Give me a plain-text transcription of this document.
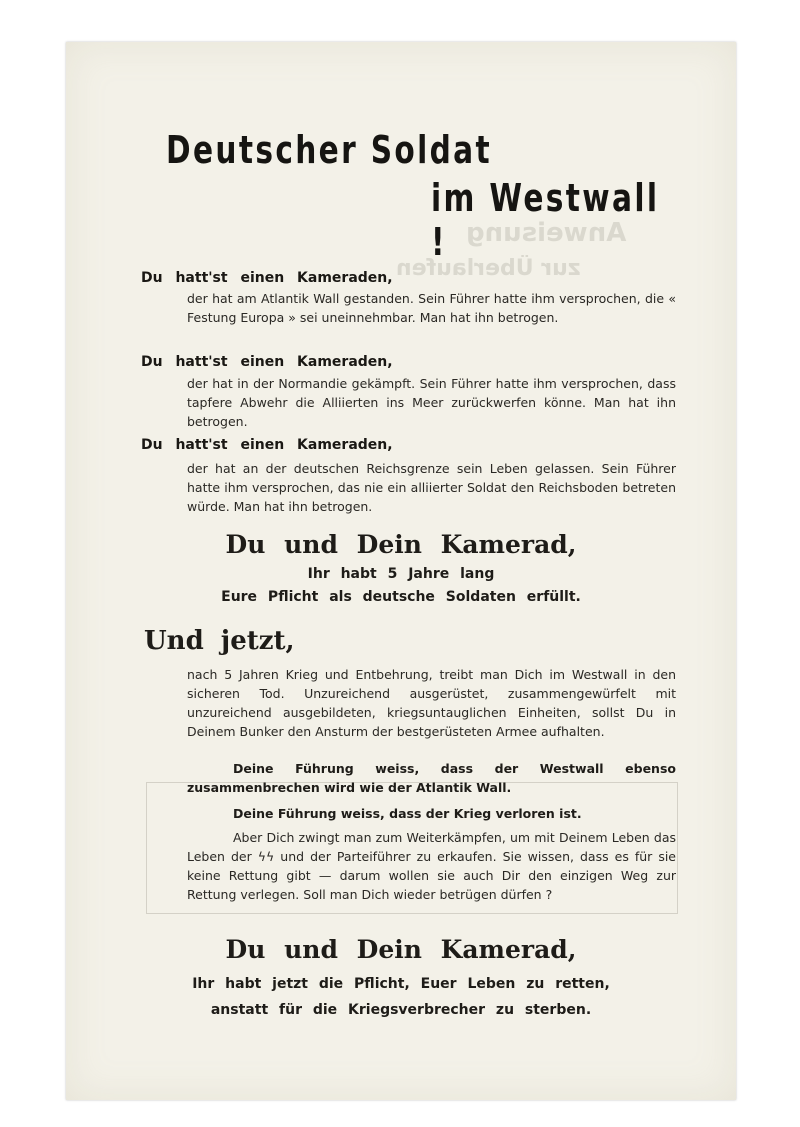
Anweisung
zur Überlaufen
Deutscher Soldat
im Westwall !
Du hatt'st einen Kameraden,
der hat am Atlantik Wall gestanden. Sein Führer hatte ihm versprochen, die « Festung Europa » sei uneinnehmbar. Man hat ihn betrogen.
Du hatt'st einen Kameraden,
der hat in der Normandie gekämpft. Sein Führer hatte ihm versprochen, dass tapfere Abwehr die Alliierten ins Meer zurückwerfen könne. Man hat ihn betrogen.
Du hatt'st einen Kameraden,
der hat an der deutschen Reichsgrenze sein Leben gelassen. Sein Führer hatte ihm versprochen, das nie ein alliierter Soldat den Reichsboden betreten würde. Man hat ihn betrogen.
Du und Dein Kamerad,
Ihr habt 5 Jahre lang
Eure Pflicht als deutsche Soldaten erfüllt.
Und jetzt,
nach 5 Jahren Krieg und Entbehrung, treibt man Dich im Westwall in den sicheren Tod. Unzureichend ausgerüstet, zusammengewürfelt mit unzureichend ausgebildeten, kriegsuntauglichen Einheiten, sollst Du in Deinem Bunker den Ansturm der bestgerüsteten Armee aufhalten.
Deine Führung weiss, dass der Westwall ebenso zusammenbrechen wird wie der Atlantik Wall.
Deine Führung weiss, dass der Krieg verloren ist.
Aber Dich zwingt man zum Weiterkämpfen, um mit Deinem Leben das Leben der ϟϟ und der Parteiführer zu erkaufen. Sie wissen, dass es für sie keine Rettung gibt — darum wollen sie auch Dir den einzigen Weg zur Rettung verlegen. Soll man Dich wieder betrügen dürfen ?
Du und Dein Kamerad,
Ihr habt jetzt die Pflicht, Euer Leben zu retten,
anstatt für die Kriegsverbrecher zu sterben.
